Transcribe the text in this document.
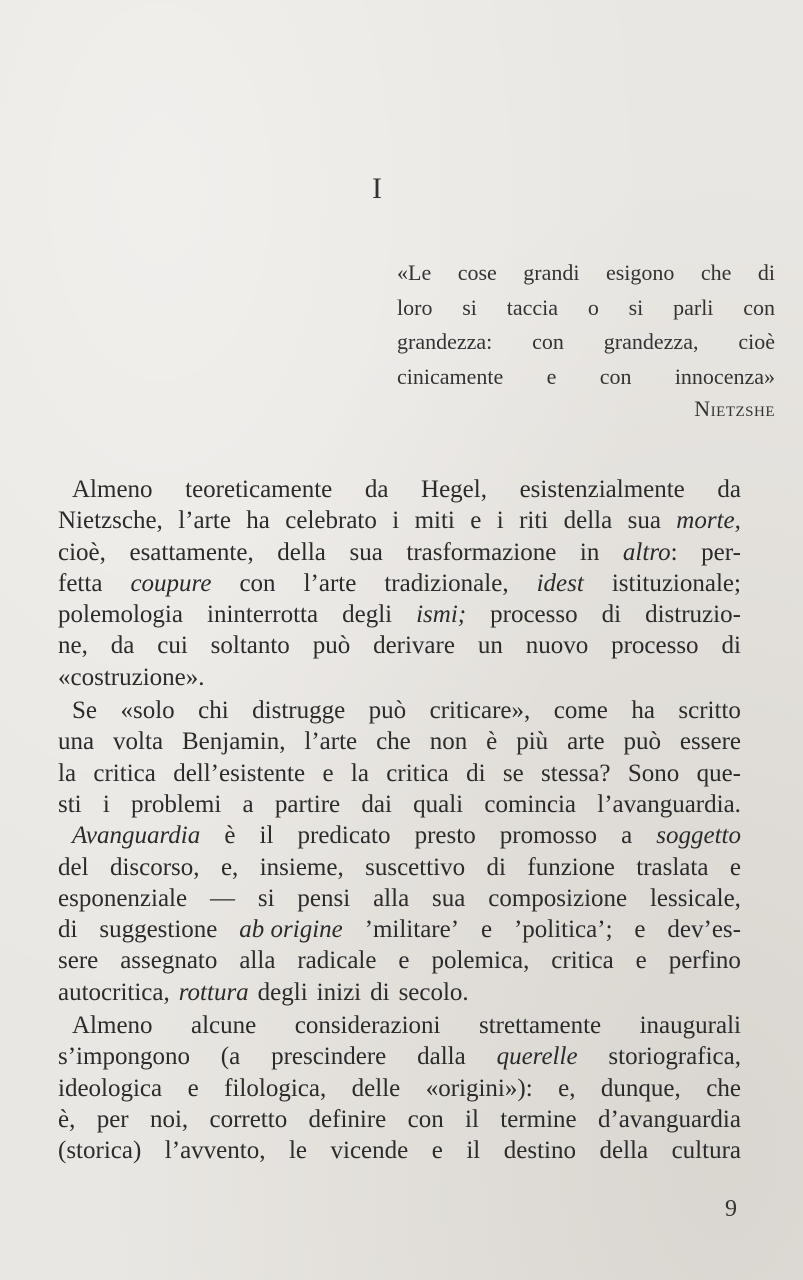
I
«Le cose grandi esigono che di
loro si taccia o si parli con
grandezza: con grandezza, cioè
cinicamente e con innocenza»
Nietzshe
Almeno teoreticamente da Hegel, esistenzialmente da
Nietzsche, l’arte ha celebrato i miti e i riti della sua morte,
cioè, esattamente, della sua trasformazione in altro: per-
fetta coupure con l’arte tradizionale, idest istituzionale;
polemologia ininterrotta degli ismi; processo di distruzio-
ne, da cui soltanto può derivare un nuovo processo di
«costruzione».
Se «solo chi distrugge può criticare», come ha scritto
una volta Benjamin, l’arte che non è più arte può essere
la critica dell’esistente e la critica di se stessa? Sono que-
sti i problemi a partire dai quali comincia l’avanguardia.
Avanguardia è il predicato presto promosso a soggetto
del discorso, e, insieme, suscettivo di funzione traslata e
esponenziale — si pensi alla sua composizione lessicale,
di suggestione ab origine ’militare’ e ’politica’; e dev’es-
sere assegnato alla radicale e polemica, critica e perfino
autocritica, rottura degli inizi di secolo.
Almeno alcune considerazioni strettamente inaugurali
s’impongono (a prescindere dalla querelle storiografica,
ideologica e filologica, delle «origini»): e, dunque, che
è, per noi, corretto definire con il termine d’avanguardia
(storica) l’avvento, le vicende e il destino della cultura
9
